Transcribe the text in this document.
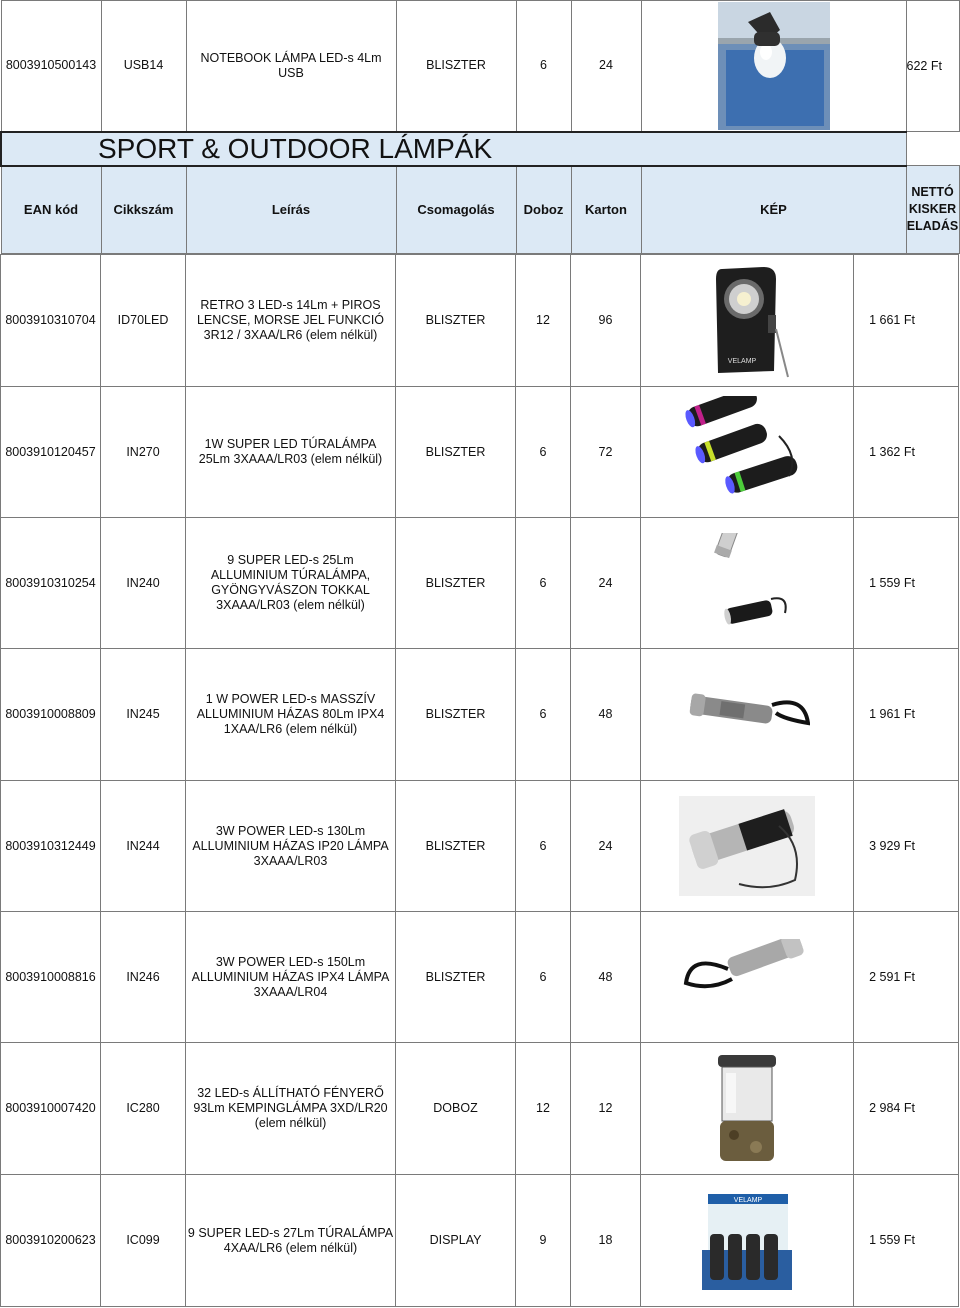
8003910500143	USB14	NOTEBOOK LÁMPA LED-s 4Lm
USB	BLISZTER	6	24		622 Ft
SPORT & OUTDOOR LÁMPÁK							
EAN kód	Cikkszám	Leírás	Csomagolás	Doboz	Karton	KÉP	NETTÓ KISKER
ELADÁS
8003910310704	ID70LED	RETRO 3 LED-s 14Lm + PIROS
LENCSE, MORSE JEL FUNKCIÓ
3R12 / 3XAA/LR6 (elem nélkül)	BLISZTER	12	96	VELAMP	1 661 Ft
8003910120457	IN270	1W SUPER LED TÚRALÁMPA
25Lm 3XAAA/LR03 (elem nélkül)	BLISZTER	6	72		1 362 Ft
8003910310254	IN240	9 SUPER LED-s 25Lm
ALLUMINIUM TÚRALÁMPA,
GYÖNGYVÁSZON TOKKAL
3XAAA/LR03 (elem nélkül)	BLISZTER	6	24		1 559 Ft
8003910008809	IN245	1 W POWER LED-s MASSZÍV
ALLUMINIUM HÁZAS 80Lm IPX4
1XAA/LR6 (elem nélkül)	BLISZTER	6	48		1 961 Ft
8003910312449	IN244	3W POWER LED-s 130Lm
ALLUMINIUM HÁZAS IP20 LÁMPA
3XAAA/LR03	BLISZTER	6	24		3 929 Ft
8003910008816	IN246	3W POWER LED-s 150Lm
ALLUMINIUM HÁZAS IPX4 LÁMPA
3XAAA/LR04	BLISZTER	6	48		2 591 Ft
8003910007420	IC280	32 LED-s ÁLLÍTHATÓ FÉNYERŐ
93Lm KEMPINGLÁMPA 3XD/LR20
(elem nélkül)	DOBOZ	12	12		2 984 Ft
8003910200623	IC099	9 SUPER LED-s 27Lm TÚRALÁMPA
4XAA/LR6 (elem nélkül)	DISPLAY	9	18	VELAMP	1 559 Ft
